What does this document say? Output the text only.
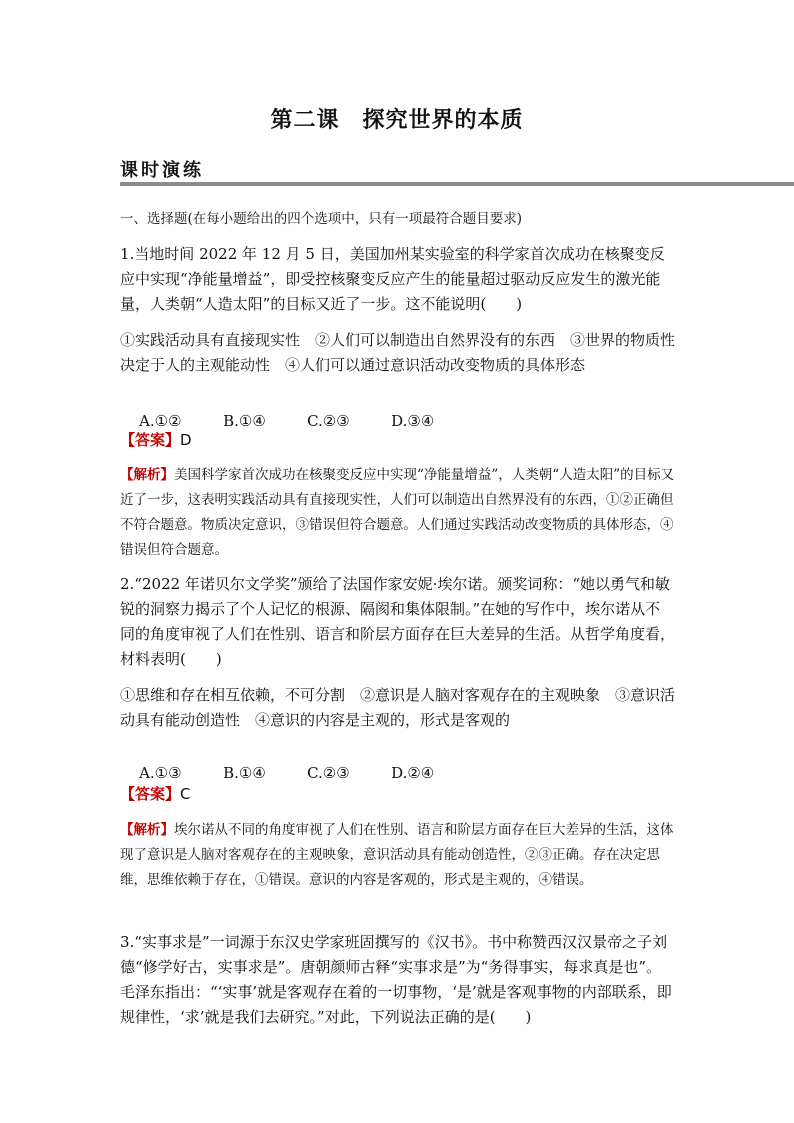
第二课　探究世界的本质
课时演练
一、选择题(在每小题给出的四个选项中，只有一项最符合题目要求)
1.当地时间 2022 年 12 月 5 日，美国加州某实验室的科学家首次成功在核聚变反应中实现“净能量增益”，即受控核聚变反应产生的能量超过驱动反应发生的激光能量，人类朝“人造太阳”的目标又近了一步。这不能说明(　　)
①实践活动具有直接现实性　②人们可以制造出自然界没有的东西　③世界的物质性决定于人的主观能动性　④人们可以通过意识活动改变物质的具体形态

A.①②	B.①④	C.②③	D.③④

【答案】D
【解析】美国科学家首次成功在核聚变反应中实现“净能量增益”，人类朝“人造太阳”的目标又近了一步，这表明实践活动具有直接现实性，人们可以制造出自然界没有的东西，①②正确但不符合题意。物质决定意识，③错误但符合题意。人们通过实践活动改变物质的具体形态，④错误但符合题意。
2.“2022 年诺贝尔文学奖”颁给了法国作家安妮·埃尔诺。颁奖词称：“她以勇气和敏锐的洞察力揭示了个人记忆的根源、隔阂和集体限制。”在她的写作中，埃尔诺从不同的角度审视了人们在性别、语言和阶层方面存在巨大差异的生活。从哲学角度看，材料表明(　　)
①思维和存在相互依赖，不可分割　②意识是人脑对客观存在的主观映象　③意识活动具有能动创造性　④意识的内容是主观的，形式是客观的

A.①③	B.①④	C.②③	D.②④

【答案】C
【解析】埃尔诺从不同的角度审视了人们在性别、语言和阶层方面存在巨大差异的生活，这体现了意识是人脑对客观存在的主观映象，意识活动具有能动创造性，②③正确。存在决定思维，思维依赖于存在，①错误。意识的内容是客观的，形式是主观的，④错误。
3.“实事求是”一词源于东汉史学家班固撰写的《汉书》。书中称赞西汉汉景帝之子刘德“修学好古，实事求是”。唐朝颜师古释“实事求是”为“务得事实，每求真是也”。毛泽东指出：“‘实事’就是客观存在着的一切事物，‘是’就是客观事物的内部联系，即规律性，‘求’就是我们去研究。”对此，下列说法正确的是(　　)
